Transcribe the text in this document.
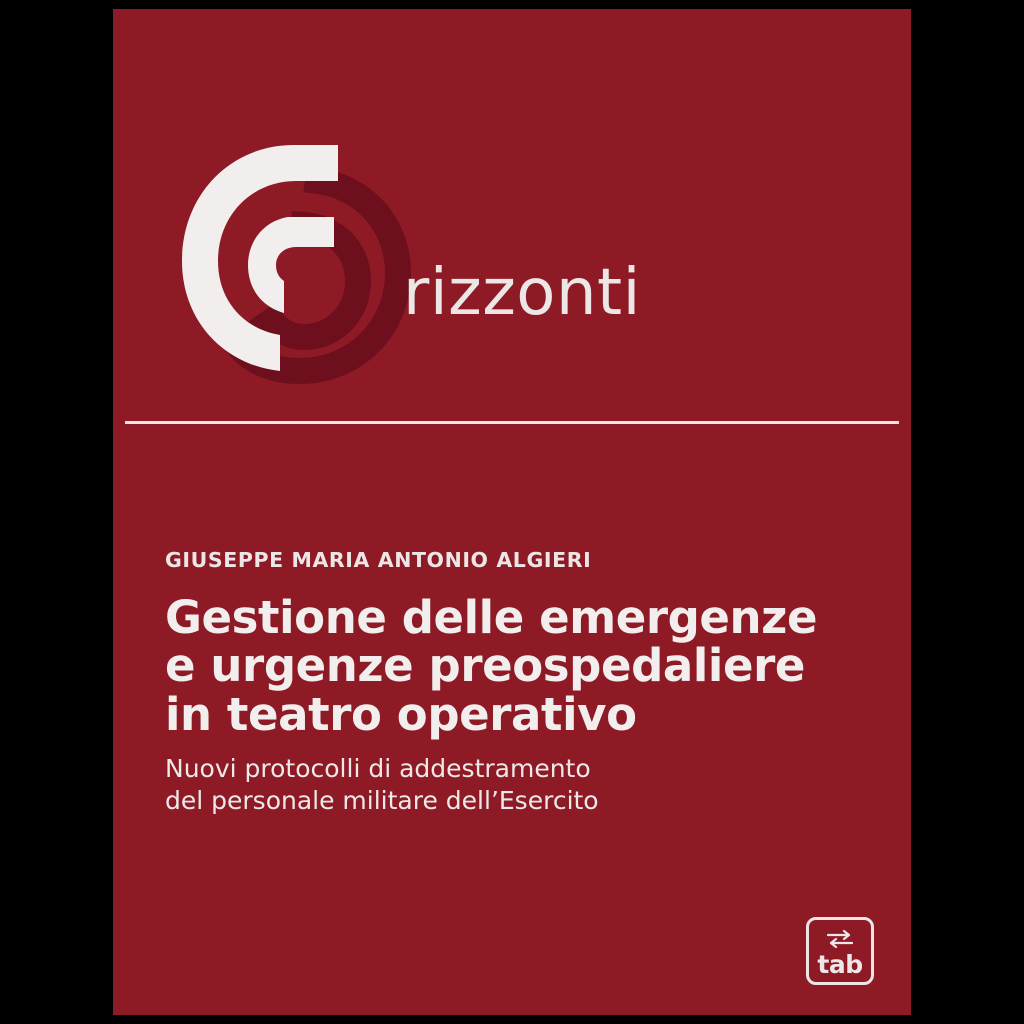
rizzonti

GIUSEPPE MARIA ANTONIO ALGIERI

Gestione delle emergenze
e urgenze preospedaliere
in teatro operativo

Nuovi protocolli di addestramento
del personale militare dell’Esercito

tab
